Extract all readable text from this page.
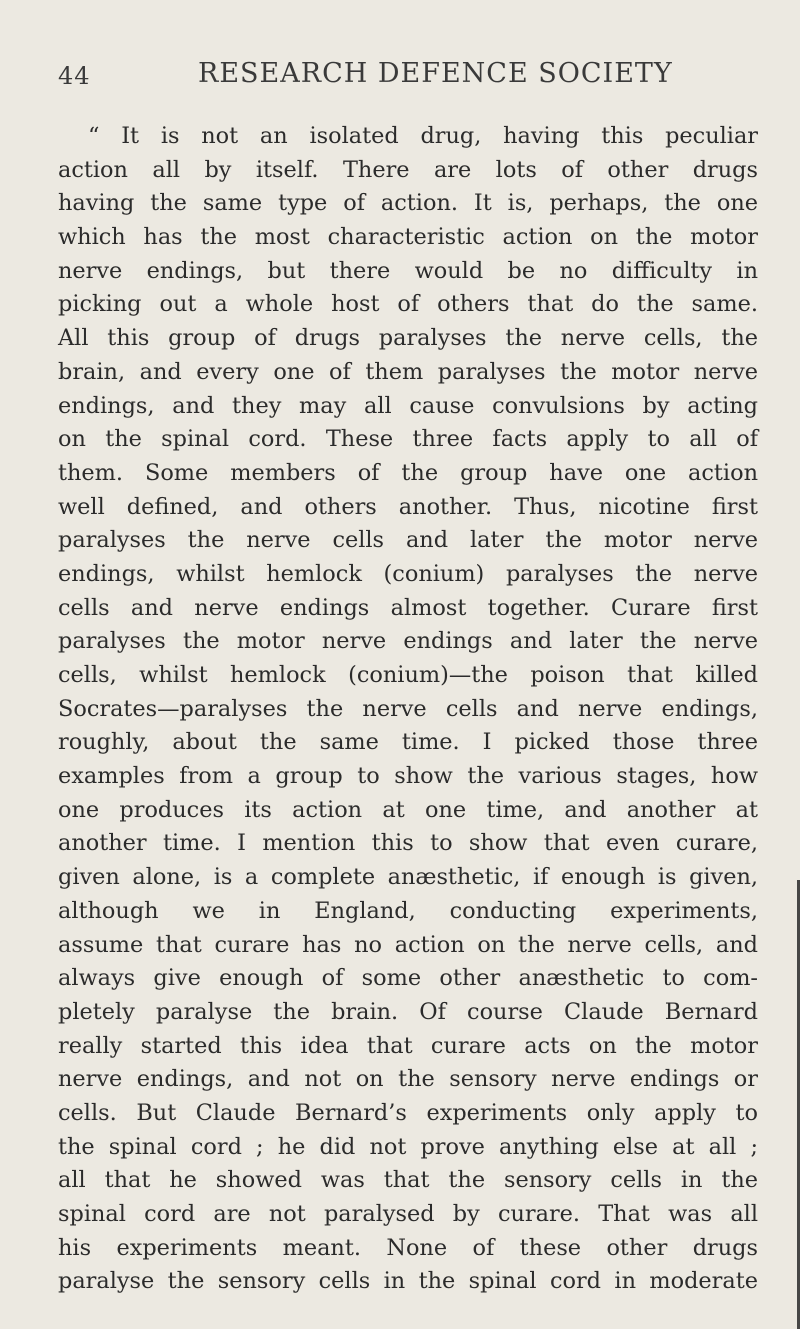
44	RESEARCH DEFENCE SOCIETY
“ It is not an isolated drug, having this peculiar
action all by itself. There are lots of other drugs
having the same type of action. It is, perhaps, the one
which has the most characteristic action on the motor
nerve endings, but there would be no difficulty in
picking out a whole host of others that do the same.
All this group of drugs paralyses the nerve cells, the
brain, and every one of them paralyses the motor nerve
endings, and they may all cause convulsions by acting
on the spinal cord. These three facts apply to all of
them. Some members of the group have one action
well defined, and others another. Thus, nicotine first
paralyses the nerve cells and later the motor nerve
endings, whilst hemlock (conium) paralyses the nerve
cells and nerve endings almost together. Curare first
paralyses the motor nerve endings and later the nerve
cells, whilst hemlock (conium)—the poison that killed
Socrates—paralyses the nerve cells and nerve endings,
roughly, about the same time. I picked those three
examples from a group to show the various stages, how
one produces its action at one time, and another at
another time. I mention this to show that even curare,
given alone, is a complete anæsthetic, if enough is given,
although we in England, conducting experiments,
assume that curare has no action on the nerve cells, and
always give enough of some other anæsthetic to com-
pletely paralyse the brain. Of course Claude Bernard
really started this idea that curare acts on the motor
nerve endings, and not on the sensory nerve endings or
cells. But Claude Bernard’s experiments only apply to
the spinal cord ; he did not prove anything else at all ;
all that he showed was that the sensory cells in the
spinal cord are not paralysed by curare. That was all
his experiments meant. None of these other drugs
paralyse the sensory cells in the spinal cord in moderate
